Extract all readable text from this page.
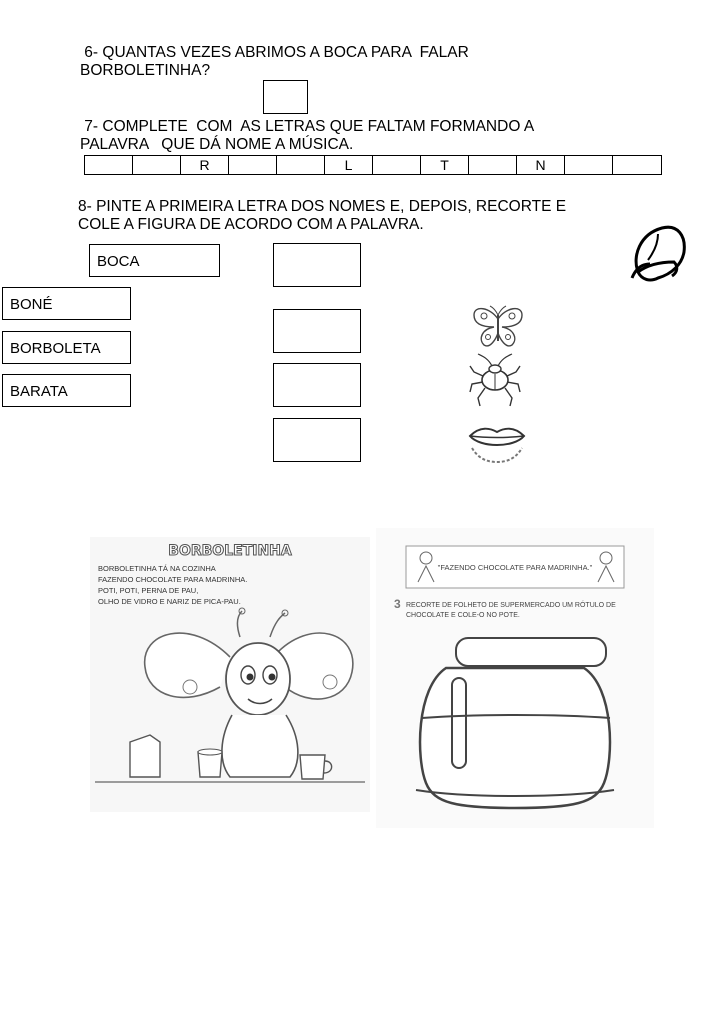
6- QUANTAS VEZES ABRIMOS A BOCA PARA  FALAR

BORBOLETINHA?

7- COMPLETE  COM  AS LETRAS QUE FALTAM FORMANDO A

PALAVRA   QUE DÁ NOME A MÚSICA.

R	L	T	N

8- PINTE A PRIMEIRA LETRA DOS NOMES E, DEPOIS, RECORTE E

COLE A FIGURA DE ACORDO COM A PALAVRA.

BOCA
BONÉ
BORBOLETA
BARATA
BORBOLETINHA
BORBOLETINHA TÁ NA COZINHA
FAZENDO CHOCOLATE PARA MADRINHA.
POTI, POTI, PERNA DE PAU,
OLHO DE VIDRO E NARIZ DE PICA-PAU.
"FAZENDO CHOCOLATE PARA MADRINHA."
3 RECORTE DE FOLHETO DE SUPERMERCADO UM RÓTULO DE
CHOCOLATE E COLE-O NO POTE.
